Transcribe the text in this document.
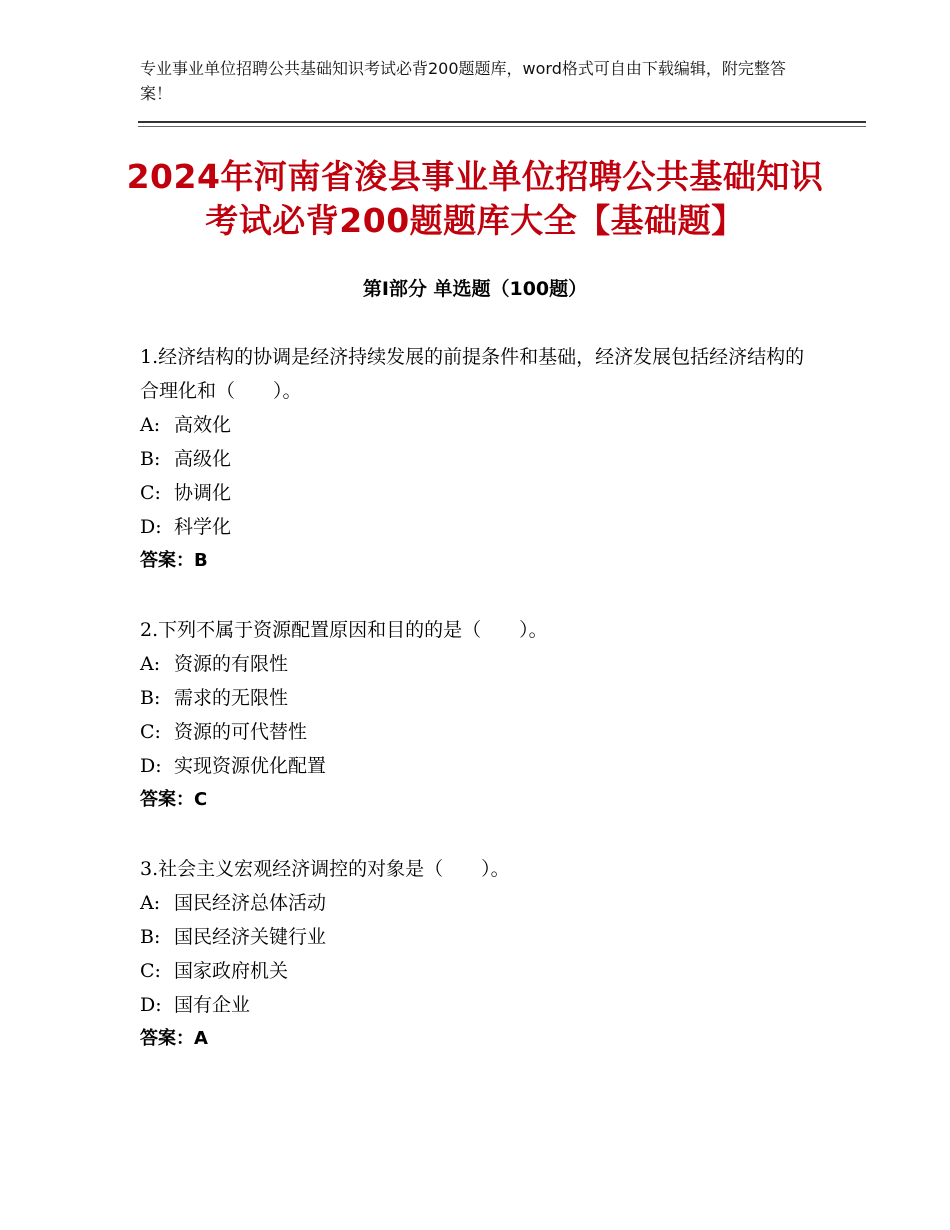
专业事业单位招聘公共基础知识考试必背200题题库，word格式可自由下载编辑，附完整答案！
2024年河南省浚县事业单位招聘公共基础知识考试必背200题题库大全【基础题】
第Ⅰ部分 单选题（100题）

1.经济结构的协调是经济持续发展的前提条件和基础，经济发展包括经济结构的合理化和（　　）。

A: 高效化
B: 高级化
C: 协调化
D: 科学化
答案：B

2.下列不属于资源配置原因和目的的是（　　）。

A: 资源的有限性
B: 需求的无限性
C: 资源的可代替性
D: 实现资源优化配置
答案：C

3.社会主义宏观经济调控的对象是（　　）。

A: 国民经济总体活动
B: 国民经济关键行业
C: 国家政府机关
D: 国有企业
答案：A
